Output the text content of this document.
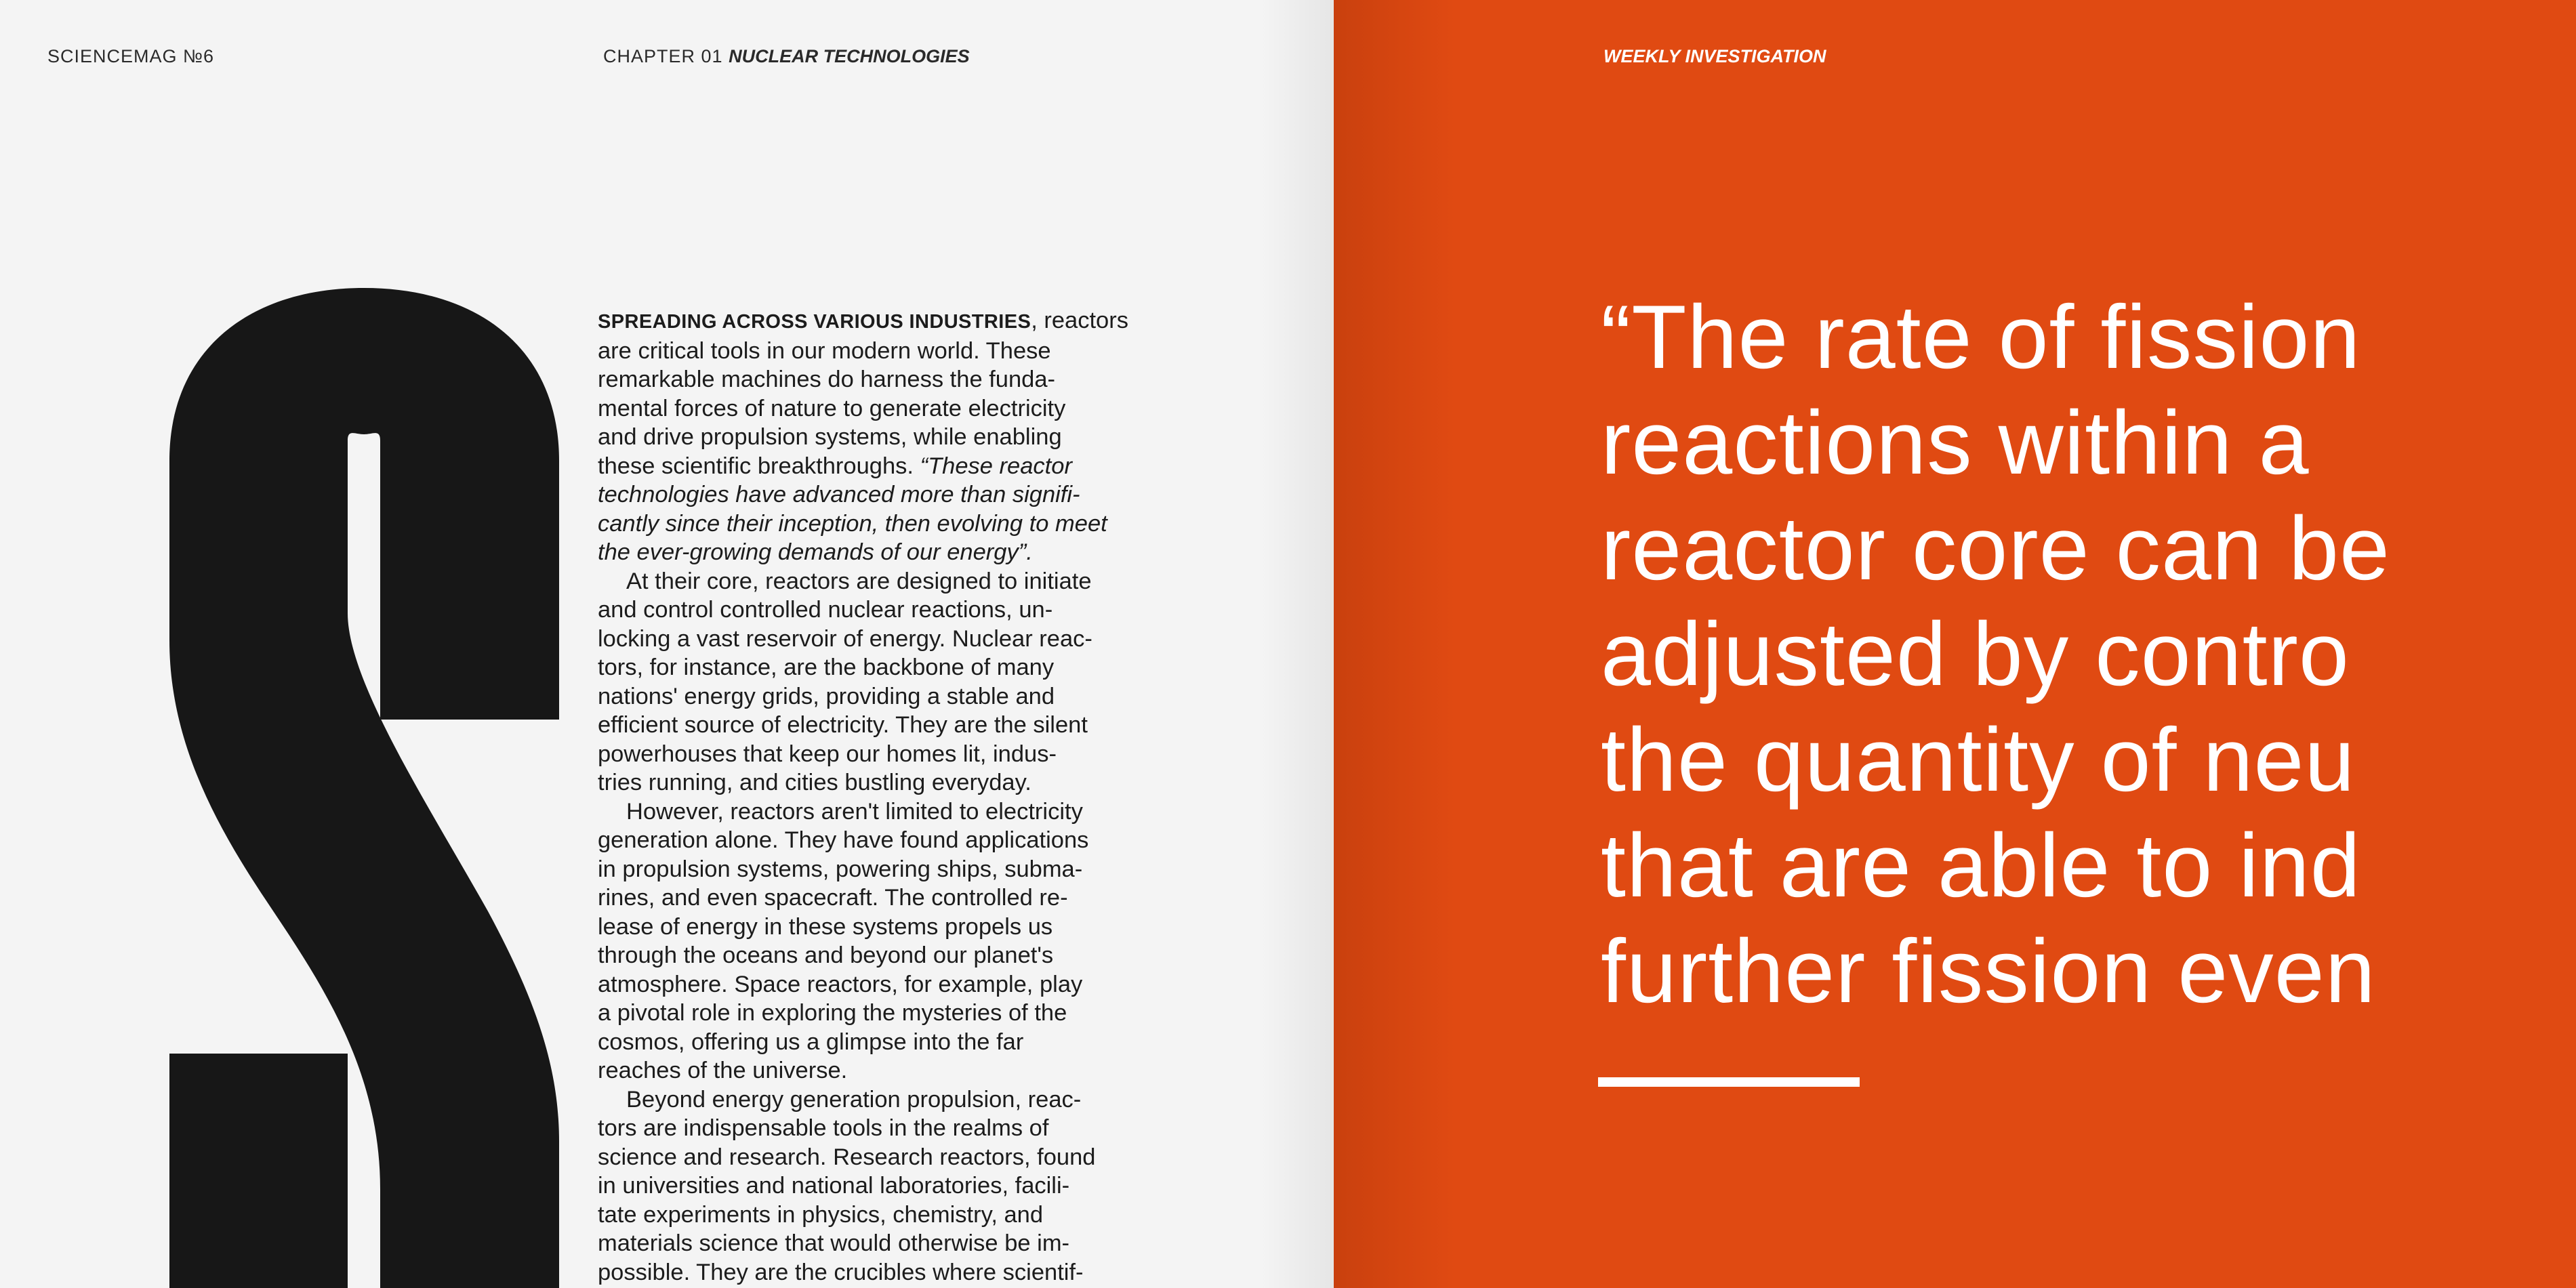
SCIENCEMAG №6	CHAPTER 01 NUCLEAR TECHNOLOGIES

SPREADING ACROSS VARIOUS INDUSTRIES, reactors

are critical tools in our modern world. These

remarkable machines do harness the funda-

mental forces of nature to generate electricity

and drive propulsion systems, while enabling

these scientific breakthroughs. “These reactor

technologies have advanced more than signifi-

cantly since their inception, then evolving to meet

the ever-growing demands of our energy”.

At their core, reactors are designed to initiate

and control controlled nuclear reactions, un-

locking a vast reservoir of energy. Nuclear reac-

tors, for instance, are the backbone of many

nations' energy grids, providing a stable and

efficient source of electricity. They are the silent

powerhouses that keep our homes lit, indus-

tries running, and cities bustling everyday.

However, reactors aren't limited to electricity

generation alone. They have found applications

in propulsion systems, powering ships, subma-

rines, and even spacecraft. The controlled re-

lease of energy in these systems propels us

through the oceans and beyond our planet's

atmosphere. Space reactors, for example, play

a pivotal role in exploring the mysteries of the

cosmos, offering us a glimpse into the far

reaches of the universe.

Beyond energy generation propulsion, reac-

tors are indispensable tools in the realms of

science and research. Research reactors, found

in universities and national laboratories, facili-

tate experiments in physics, chemistry, and

materials science that would otherwise be im-

possible. They are the crucibles where scientif-

WEEKLY INVESTIGATION

“The rate of fission

reactions within a

reactor core can be

adjusted by contro

the quantity of neu

that are able to ind

further fission even
